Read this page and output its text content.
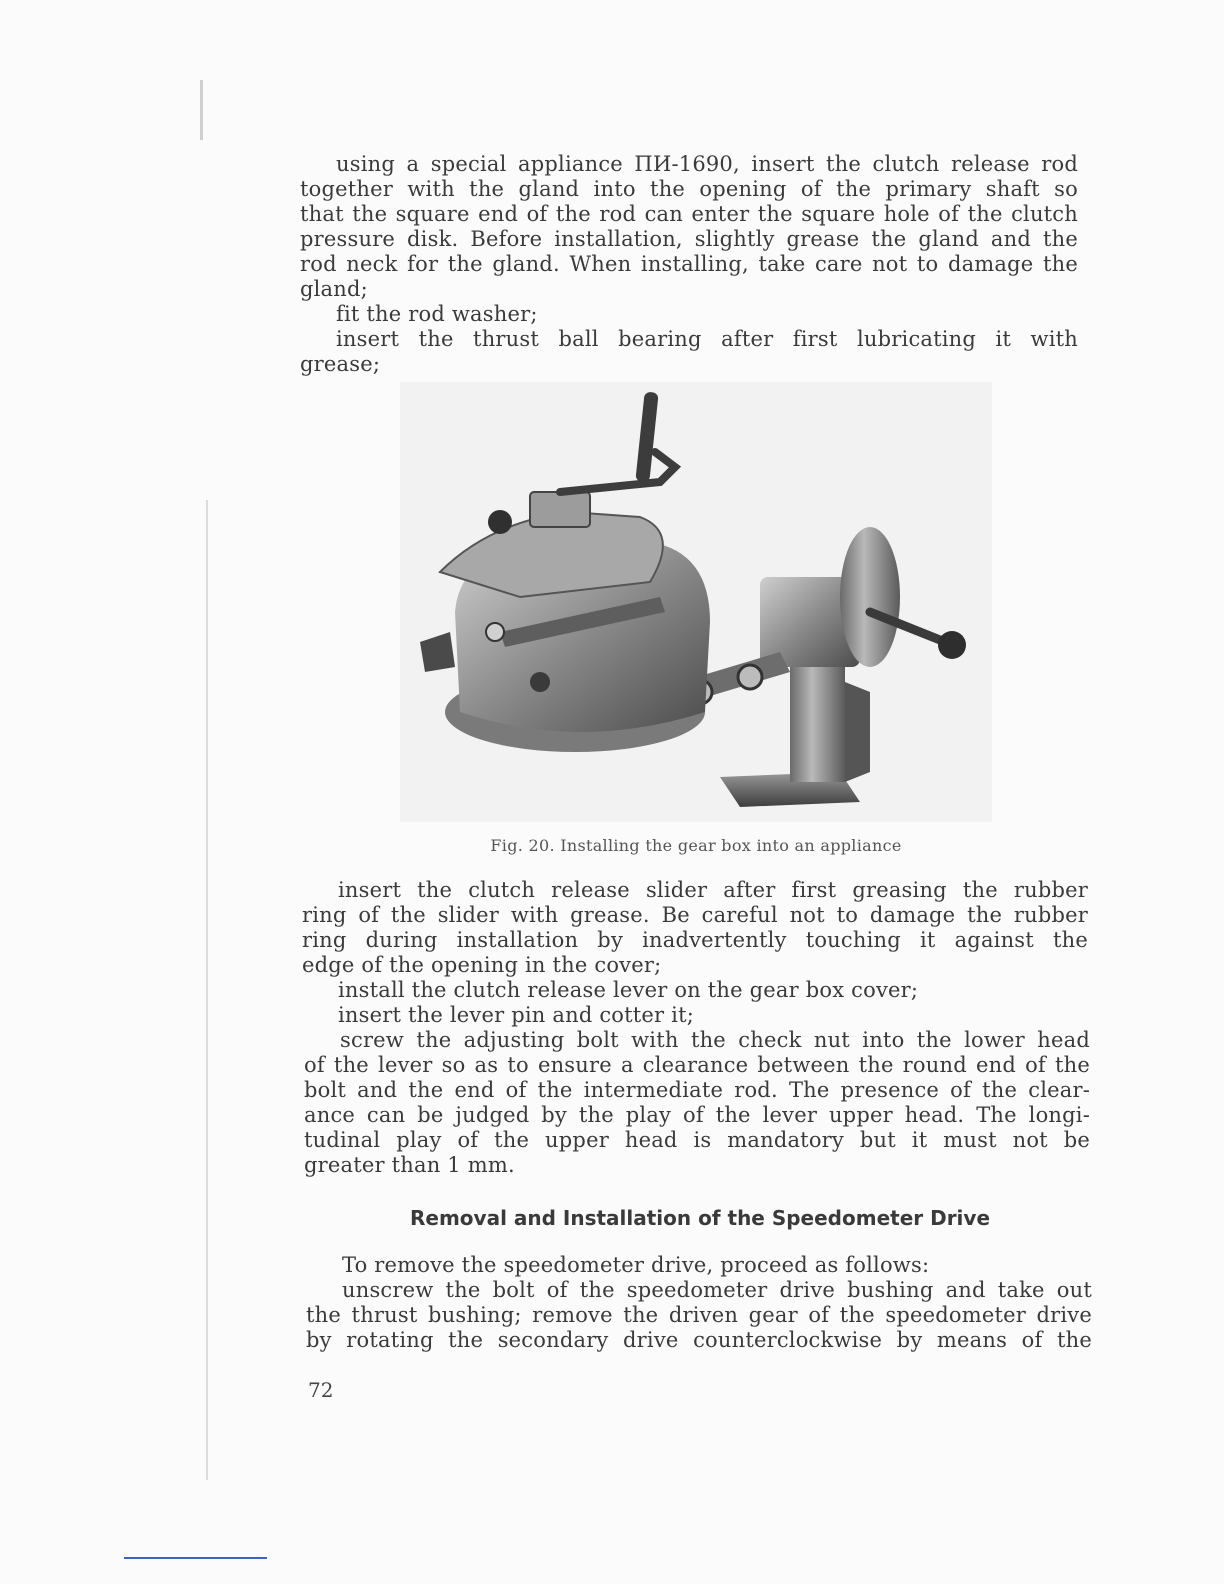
using a special appliance ПИ-1690, insert the clutch release rod
together with the gland into the opening of the primary shaft so
that the square end of the rod can enter the square hole of the clutch
pressure disk. Before installation, slightly grease the gland and the
rod neck for the gland. When installing, take care not to damage the
gland;
fit the rod washer;
insert the thrust ball bearing after first lubricating it with
grease;
Fig. 20. Installing the gear box into an appliance
insert the clutch release slider after first greasing the rubber
ring of the slider with grease. Be careful not to damage the rubber
ring during installation by inadvertently touching it against the
edge of the opening in the cover;
install the clutch release lever on the gear box cover;
insert the lever pin and cotter it;
screw the adjusting bolt with the check nut into the lower head
of the lever so as to ensure a clearance between the round end of the
bolt and the end of the intermediate rod. The presence of the clear-
ance can be judged by the play of the lever upper head. The longi-
tudinal play of the upper head is mandatory but it must not be
greater than 1 mm.
Removal and Installation of the Speedometer Drive
To remove the speedometer drive, proceed as follows:
unscrew the bolt of the speedometer drive bushing and take out
the thrust bushing; remove the driven gear of the speedometer drive
by rotating the secondary drive counterclockwise by means of the
72
